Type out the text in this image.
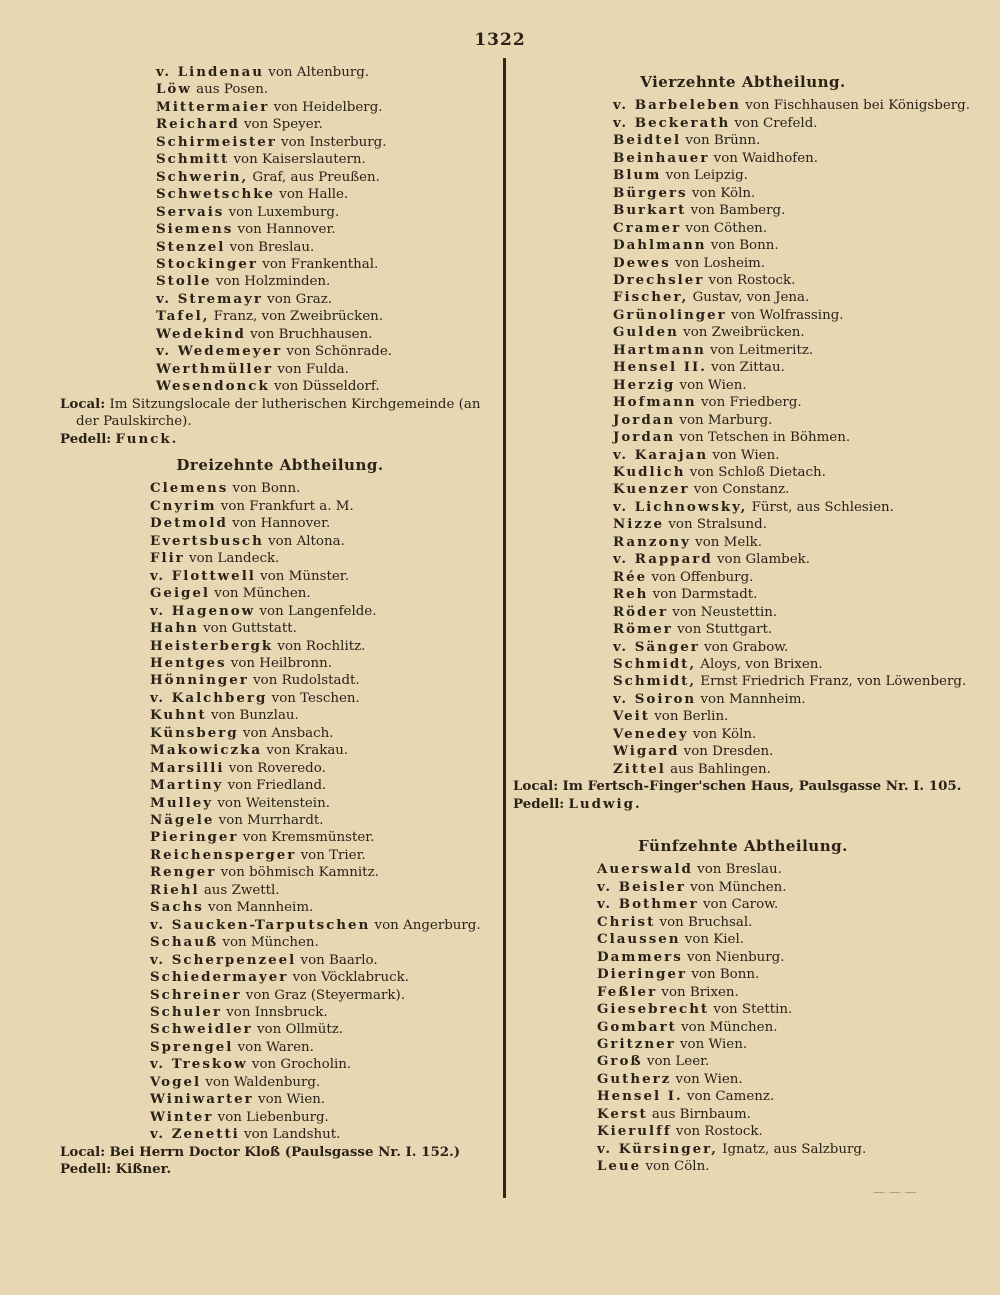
1322
v. Lindenau von Altenburg.
Löw aus Posen.
Mittermaier von Heidelberg.
Reichard von Speyer.
Schirmeister von Insterburg.
Schmitt von Kaiserslautern.
Schwerin, Graf, aus Preußen.
Schwetschke von Halle.
Servais von Luxemburg.
Siemens von Hannover.
Stenzel von Breslau.
Stockinger von Frankenthal.
Stolle von Holzminden.
v. Stremayr von Graz.
Tafel, Franz, von Zweibrücken.
Wedekind von Bruchhausen.
v. Wedemeyer von Schönrade.
Werthmüller von Fulda.
Wesendonck von Düsseldorf.
Local: Im Sitzungslocale der lutherischen Kirchgemeinde (an
der Paulskirche).
Pedell: Funck.
Dreizehnte Abtheilung.
Clemens von Bonn.
Cnyrim von Frankfurt a. M.
Detmold von Hannover.
Evertsbusch von Altona.
Flir von Landeck.
v. Flottwell von Münster.
Geigel von München.
v. Hagenow von Langenfelde.
Hahn von Guttstatt.
Heisterbergk von Rochlitz.
Hentges von Heilbronn.
Hönninger von Rudolstadt.
v. Kalchberg von Teschen.
Kuhnt von Bunzlau.
Künsberg von Ansbach.
Makowiczka von Krakau.
Marsilli von Roveredo.
Martiny von Friedland.
Mulley von Weitenstein.
Nägele von Murrhardt.
Pieringer von Kremsmünster.
Reichensperger von Trier.
Renger von böhmisch Kamnitz.
Riehl aus Zwettl.
Sachs von Mannheim.
v. Saucken-Tarputschen von Angerburg.
Schauß von München.
v. Scherpenzeel von Baarlo.
Schiedermayer von Vöcklabruck.
Schreiner von Graz (Steyermark).
Schuler von Innsbruck.
Schweidler von Ollmütz.
Sprengel von Waren.
v. Treskow von Grocholin.
Vogel von Waldenburg.
Winiwarter von Wien.
Winter von Liebenburg.
v. Zenetti von Landshut.
Local: Bei Herrn Doctor Kloß (Paulsgasse Nr. I. 152.)
Pedell: Kißner.
Vierzehnte Abtheilung.
v. Barbeleben von Fischhausen bei Königsberg.
v. Beckerath von Crefeld.
Beidtel von Brünn.
Beinhauer von Waidhofen.
Blum von Leipzig.
Bürgers von Köln.
Burkart von Bamberg.
Cramer von Cöthen.
Dahlmann von Bonn.
Dewes von Losheim.
Drechsler von Rostock.
Fischer, Gustav, von Jena.
Grünolinger von Wolfrassing.
Gulden von Zweibrücken.
Hartmann von Leitmeritz.
Hensel II. von Zittau.
Herzig von Wien.
Hofmann von Friedberg.
Jordan von Marburg.
Jordan von Tetschen in Böhmen.
v. Karajan von Wien.
Kudlich von Schloß Dietach.
Kuenzer von Constanz.
v. Lichnowsky, Fürst, aus Schlesien.
Nizze von Stralsund.
Ranzony von Melk.
v. Rappard von Glambek.
Rée von Offenburg.
Reh von Darmstadt.
Röder von Neustettin.
Römer von Stuttgart.
v. Sänger von Grabow.
Schmidt, Aloys, von Brixen.
Schmidt, Ernst Friedrich Franz, von Löwenberg.
v. Soiron von Mannheim.
Veit von Berlin.
Venedey von Köln.
Wigard von Dresden.
Zittel aus Bahlingen.
Local: Im Fertsch-Finger'schen Haus, Paulsgasse Nr. I. 105.
Pedell: Ludwig.
Fünfzehnte Abtheilung.
Auerswald von Breslau.
v. Beisler von München.
v. Bothmer von Carow.
Christ von Bruchsal.
Claussen von Kiel.
Dammers von Nienburg.
Dieringer von Bonn.
Feßler von Brixen.
Giesebrecht von Stettin.
Gombart von München.
Gritzner von Wien.
Groß von Leer.
Gutherz von Wien.
Hensel I. von Camenz.
Kerst aus Birnbaum.
Kierulff von Rostock.
v. Kürsinger, Ignatz, aus Salzburg.
Leue von Cöln.
— — —
